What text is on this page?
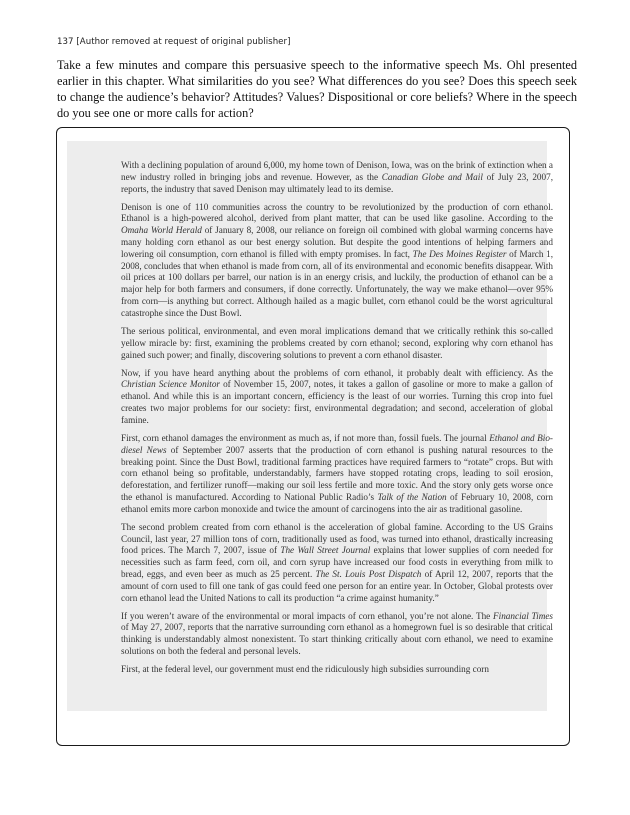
137 [Author removed at request of original publisher]
Take a few minutes and compare this persuasive speech to the informative speech Ms. Ohl presented earlier in this chapter. What similarities do you see? What differences do you see? Does this speech seek to change the audience’s behavior? Attitudes? Values? Dispositional or core beliefs? Where in the speech do you see one or more calls for action?

With a declining population of around 6,000, my home town of Denison, Iowa, was on the brink of extinction when a new industry rolled in bringing jobs and revenue. However, as the Canadian Globe and Mail of July 23, 2007, reports, the industry that saved Denison may ultimately lead to its demise.

Denison is one of 110 communities across the country to be revolutionized by the production of corn ethanol. Ethanol is a high-powered alcohol, derived from plant matter, that can be used like gasoline. According to the Omaha World Herald of January 8, 2008, our reliance on foreign oil combined with global warming concerns have many holding corn ethanol as our best energy solution. But despite the good intentions of helping farmers and lowering oil consumption, corn ethanol is filled with empty promises. In fact, The Des Moines Register of March 1, 2008, concludes that when ethanol is made from corn, all of its environmental and economic benefits disappear. With oil prices at 100 dollars per barrel, our nation is in an energy crisis, and luckily, the production of ethanol can be a major help for both farmers and consumers, if done correctly. Unfortunately, the way we make ethanol—over 95% from corn—is anything but correct. Although hailed as a magic bullet, corn ethanol could be the worst agricultural catastrophe since the Dust Bowl.

The serious political, environmental, and even moral implications demand that we critically rethink this so-called yellow miracle by: first, examining the problems created by corn ethanol; second, exploring why corn ethanol has gained such power; and finally, discovering solutions to prevent a corn ethanol disaster.

Now, if you have heard anything about the problems of corn ethanol, it probably dealt with efficiency. As the Christian Science Monitor of November 15, 2007, notes, it takes a gallon of gasoline or more to make a gallon of ethanol. And while this is an important concern, efficiency is the least of our worries. Turning this crop into fuel creates two major problems for our society: first, environmental degradation; and second, acceleration of global famine.

First, corn ethanol damages the environment as much as, if not more than, fossil fuels. The journal Ethanol and Bio-diesel News of September 2007 asserts that the production of corn ethanol is pushing natural resources to the breaking point. Since the Dust Bowl, traditional farming practices have required farmers to “rotate” crops. But with corn ethanol being so profitable, understandably, farmers have stopped rotating crops, leading to soil erosion, deforestation, and fertilizer runoff—making our soil less fertile and more toxic. And the story only gets worse once the ethanol is manufactured. According to National Public Radio’s Talk of the Nation of February 10, 2008, corn ethanol emits more carbon monoxide and twice the amount of carcinogens into the air as traditional gasoline.

The second problem created from corn ethanol is the acceleration of global famine. According to the US Grains Council, last year, 27 million tons of corn, traditionally used as food, was turned into ethanol, drastically increasing food prices. The March 7, 2007, issue of The Wall Street Journal explains that lower supplies of corn needed for necessities such as farm feed, corn oil, and corn syrup have increased our food costs in everything from milk to bread, eggs, and even beer as much as 25 percent. The St. Louis Post Dispatch of April 12, 2007, reports that the amount of corn used to fill one tank of gas could feed one person for an entire year. In October, Global protests over corn ethanol lead the United Nations to call its production “a crime against humanity.”

If you weren’t aware of the environmental or moral impacts of corn ethanol, you’re not alone. The Financial Times of May 27, 2007, reports that the narrative surrounding corn ethanol as a homegrown fuel is so desirable that critical thinking is understandably almost nonexistent. To start thinking critically about corn ethanol, we need to examine solutions on both the federal and personal levels.

First, at the federal level, our government must end the ridiculously high subsidies surrounding corn
